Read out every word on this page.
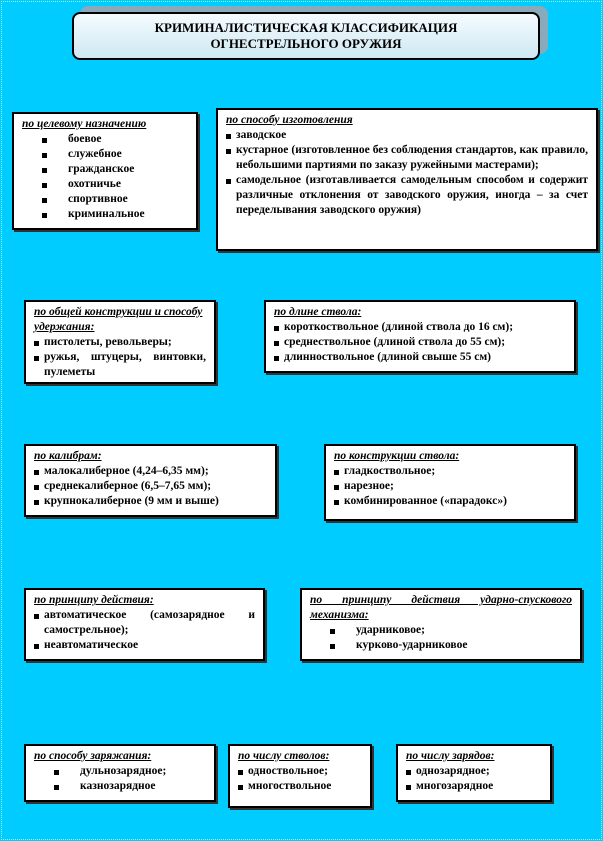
КРИМИНАЛИСТИЧЕСКАЯ КЛАССИФИКАЦИЯ
ОГНЕСТРЕЛЬНОГО ОРУЖИЯ
по целевому назначению
боевое
служебное
гражданское
охотничье
спортивное
криминальное
по способу изготовления
заводское
кустарное (изготовленное без соблюдения стандартов, как правило, небольшими партиями по заказу ружейными мастерами);
самодельное (изготавливается самодельным способом и содержит различные отклонения от заводского оружия, иногда – за счет переделывания заводского оружия)
по общей конструкции и способу удержания:
пистолеты, револьверы;
ружья, штуцеры, винтовки, пулеметы
по длине ствола:
короткоствольное (длиной ствола до 16 см);
среднествольное (длиной ствола до 55 см);
длинноствольное (длиной свыше 55 см)
по калибрам:
малокалиберное (4,24–6,35 мм);
среднекалиберное (6,5–7,65 мм);
крупнокалиберное (9 мм и выше)
по конструкции ствола:
гладкоствольное;
нарезное;
комбинированное («парадокс»)
по принципу действия:
автоматическое (самозарядное и самострельное);
неавтоматическое
по принципу действия ударно-спускового механизма:
ударниковое;
курково-ударниковое
по способу заряжания:
дульнозарядное;
казнозарядное
по числу стволов:
одноствольное;
многоствольное
по числу зарядов:
однозарядное;
многозарядное
